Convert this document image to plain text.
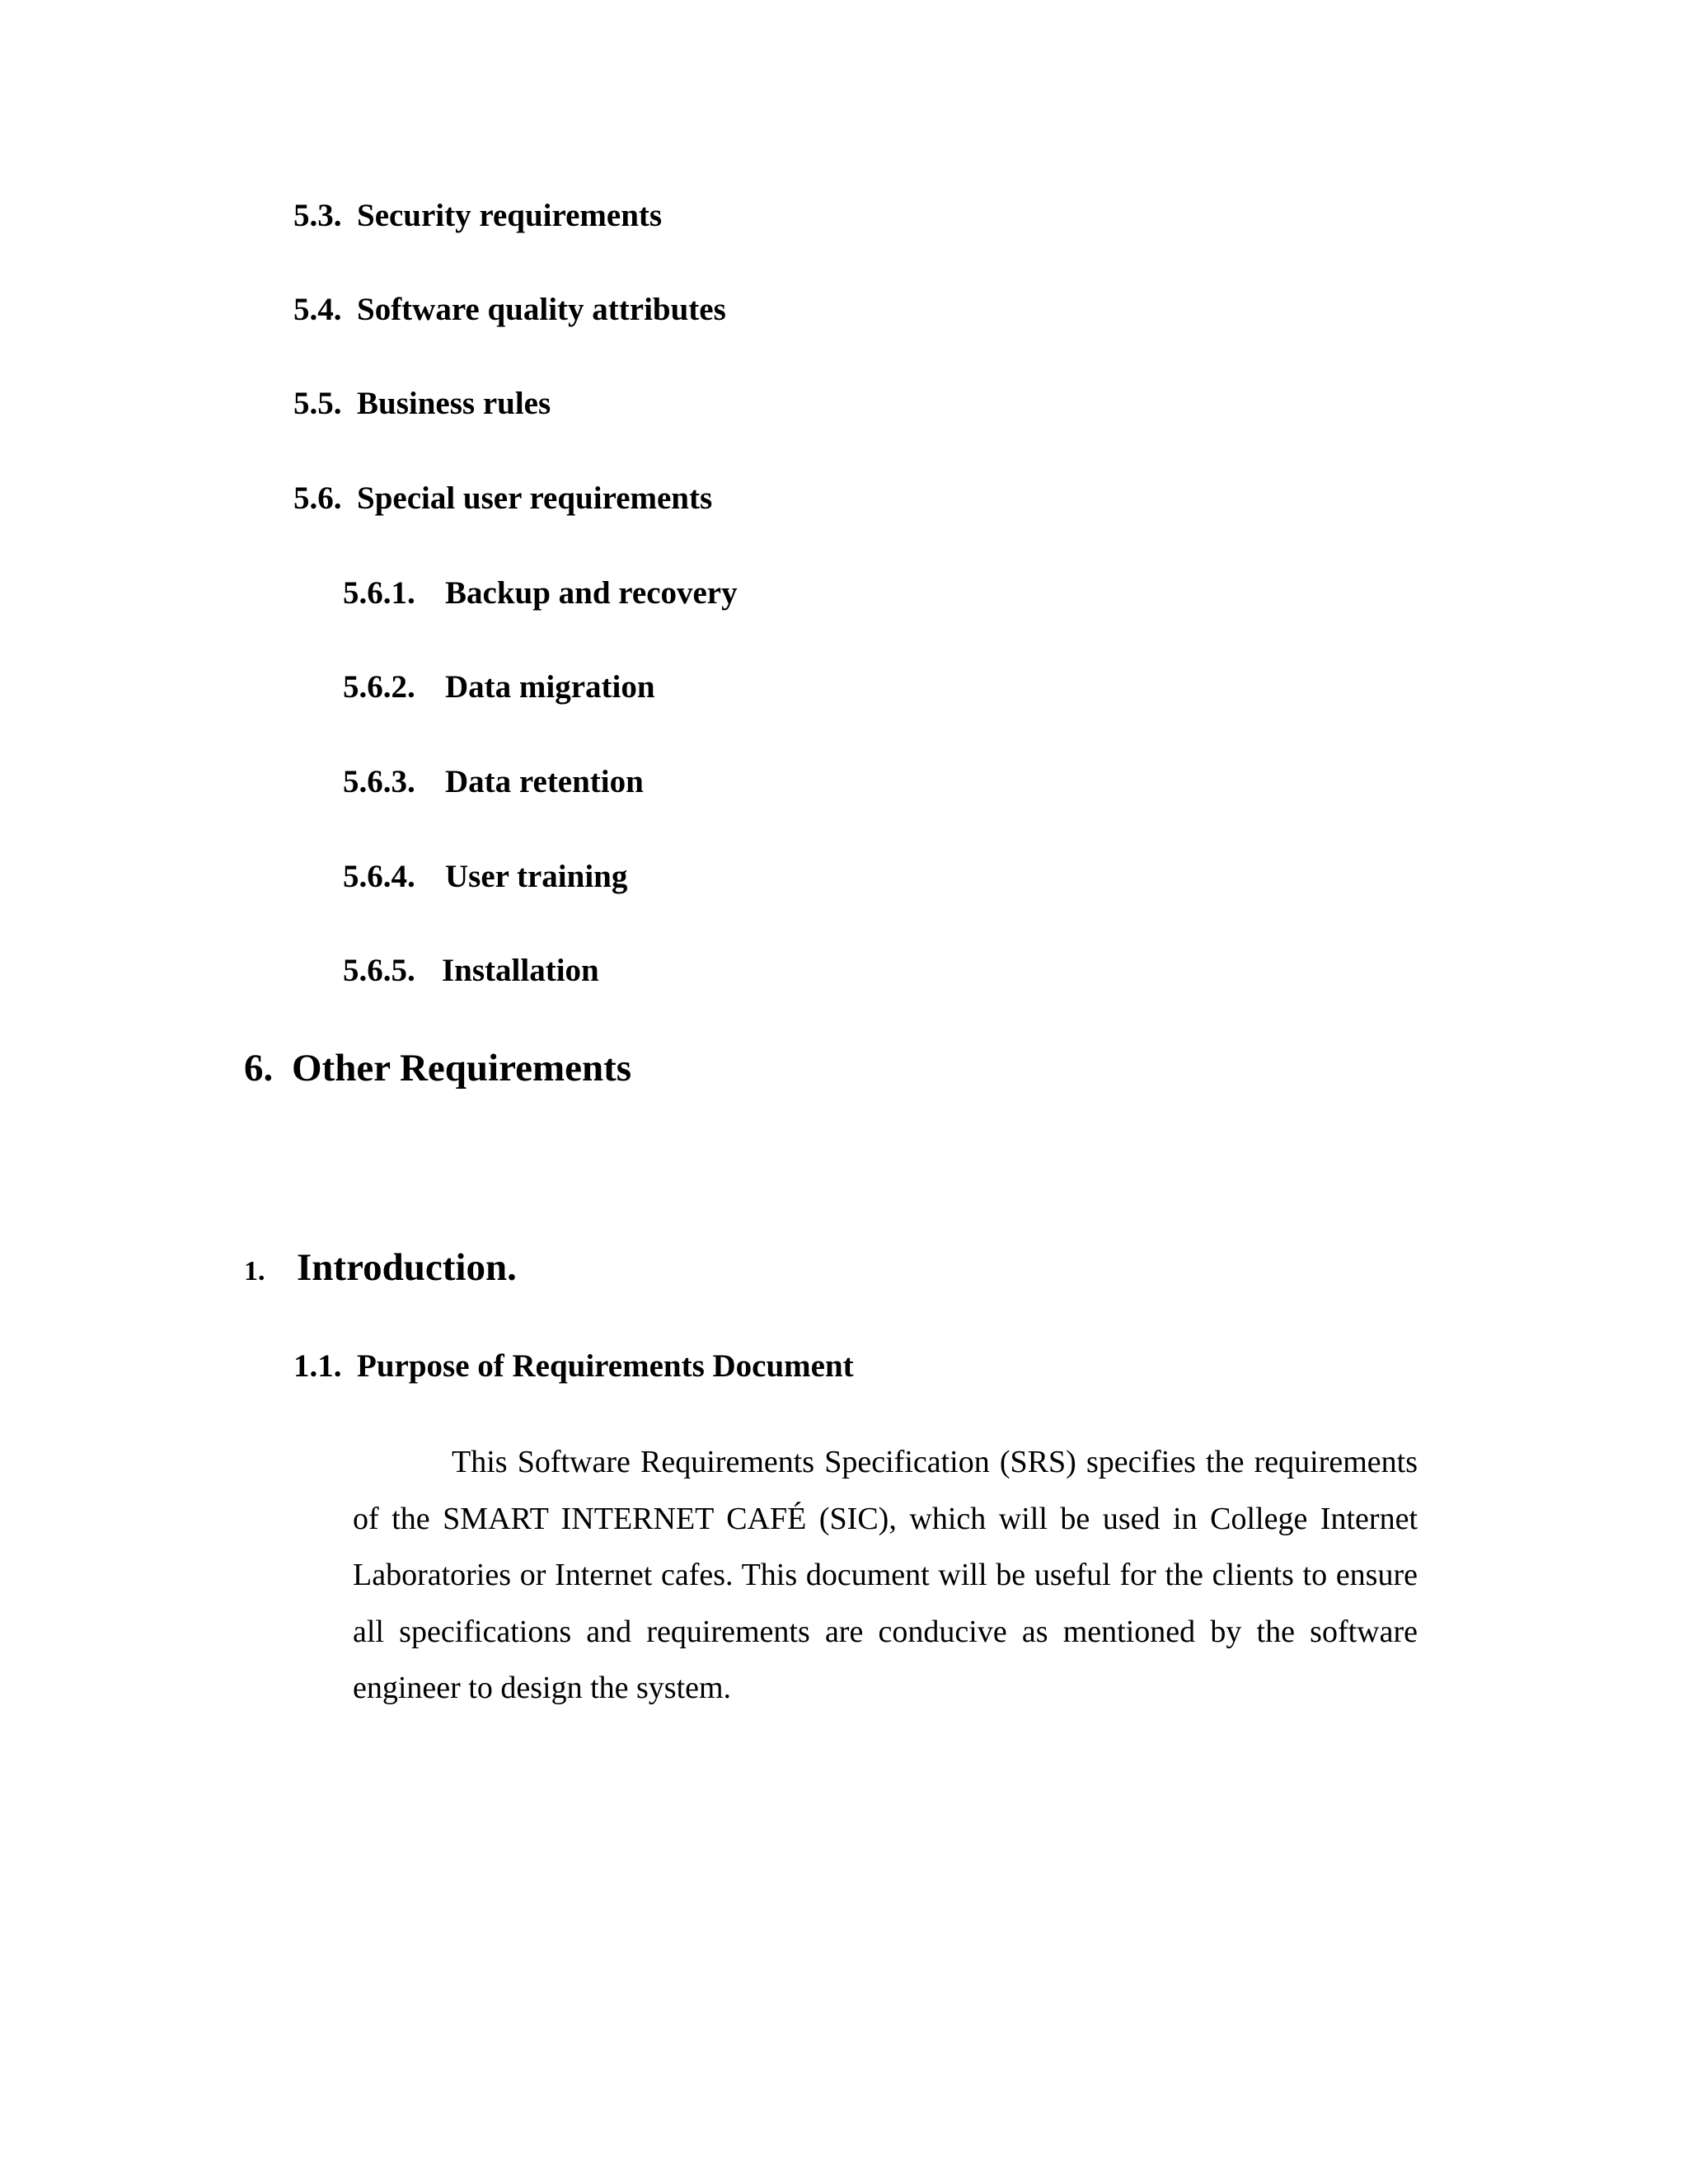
5.3. Security requirements
5.4. Software quality attributes
5.5. Business rules
5.6. Special user requirements
5.6.1. Backup and recovery
5.6.2. Data migration
5.6.3. Data retention
5.6.4. User training
5.6.5. Installation
6. Other Requirements
1. Introduction.
1.1. Purpose of Requirements Document

This Software Requirements Specification (SRS) specifies the requirements of the SMART INTERNET CAFÉ (SIC), which will be used in College Internet Laboratories or Internet cafes. This document will be useful for the clients to ensure all specifications and requirements are conducive as mentioned by the software engineer to design the system.
